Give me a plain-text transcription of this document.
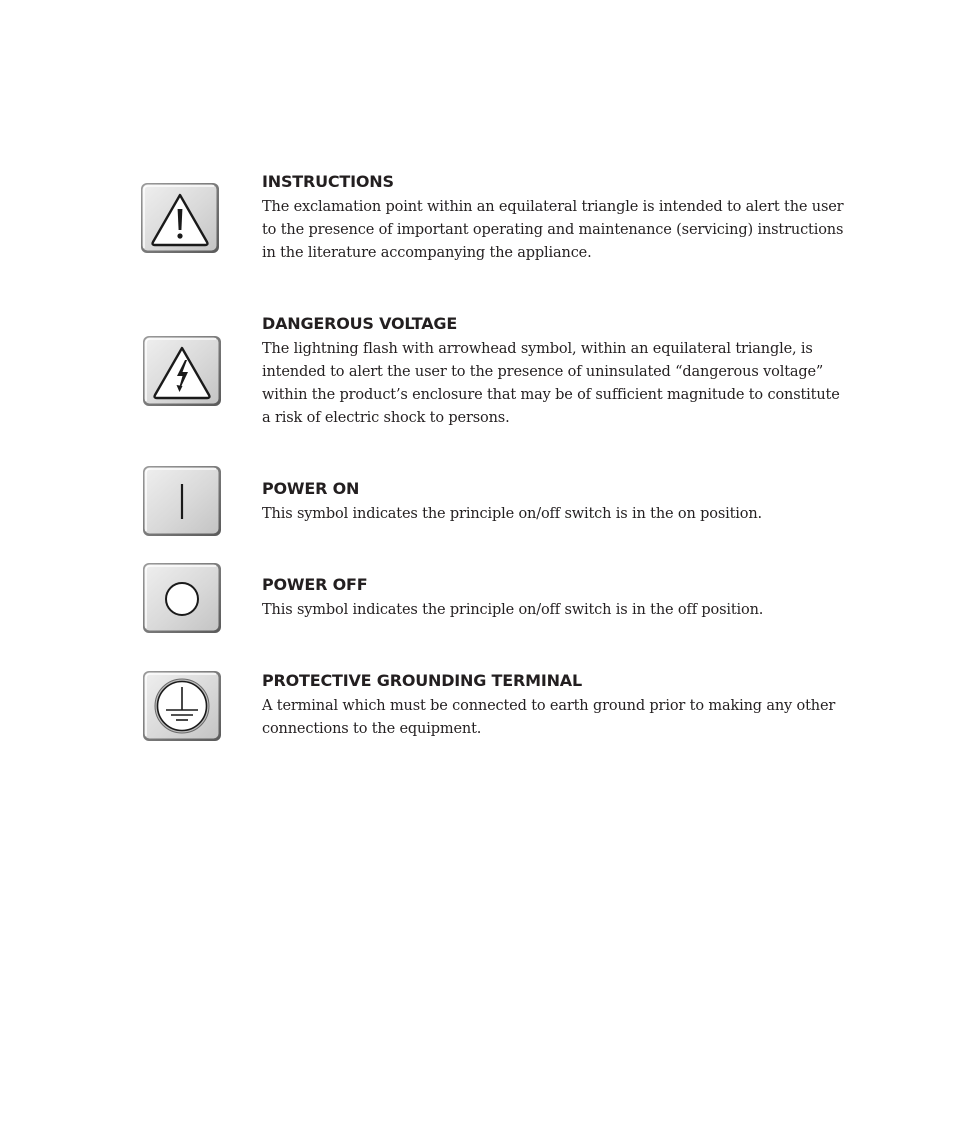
INSTRUCTIONS

The exclamation point within an equilateral triangle is intended to alert the user to the presence of important operating and maintenance (servicing) instructions in the literature accompanying the appliance.

DANGEROUS VOLTAGE

The lightning flash with arrowhead symbol, within an equilateral triangle, is intended to alert the user to the presence of uninsulated “dangerous voltage” within the product’s enclosure that may be of sufficient magnitude to constitute a risk of electric shock to persons.

POWER ON

This symbol indicates the principle on/off switch is in the on position.

POWER OFF

This symbol indicates the principle on/off switch is in the off position.

PROTECTIVE GROUNDING TERMINAL

A terminal which must be connected to earth ground prior to making any other connections to the equipment.
